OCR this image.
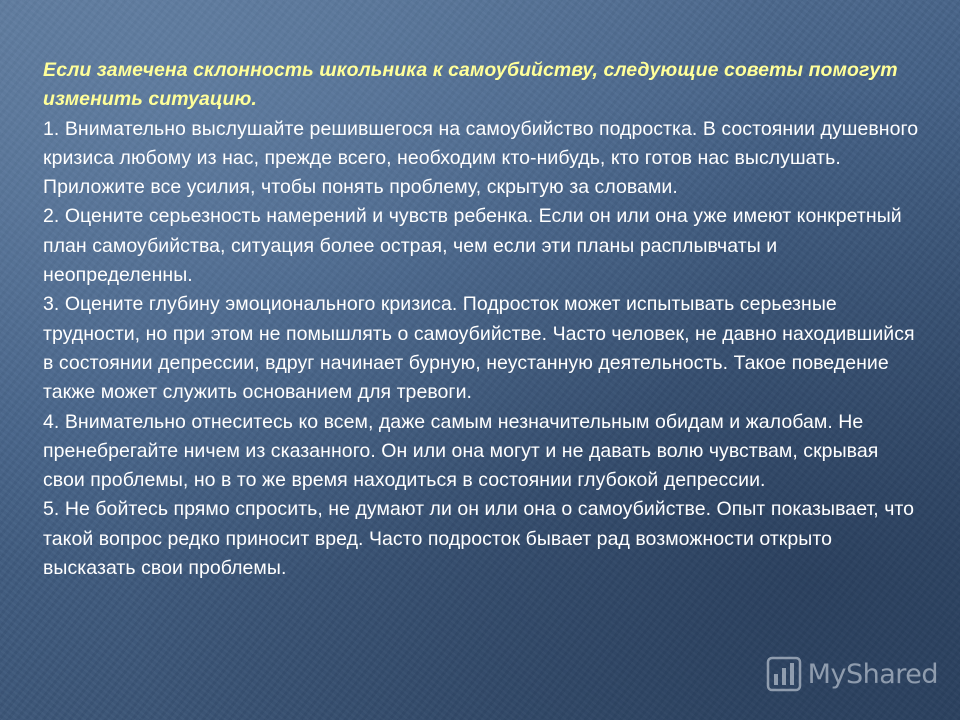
Если замечена склонность школьника к самоубийству, следующие советы помогут изменить ситуацию.

1. Внимательно выслушайте решившегося на самоубийство подростка. В состоянии душевного кризиса любому из нас, прежде всего, необходим кто-нибудь, кто готов нас выслушать. Приложите все усилия, чтобы понять проблему, скрытую за словами.

2. Оцените серьезность намерений и чувств ребенка. Если он или она уже имеют конкретный план самоубийства, ситуация более острая, чем если эти планы расплывчаты и неопределенны.

3. Оцените глубину эмоционального кризиса. Подросток может испытывать серьезные трудности, но при этом не помышлять о самоубийстве. Часто человек, не давно находившийся в состоянии депрессии, вдруг начинает бурную, неустанную деятельность. Такое поведение также может служить основанием для тревоги.

4. Внимательно отнеситесь ко всем, даже самым незначительным обидам и жалобам. Не пренебрегайте ничем из сказанного. Он или она могут и не давать волю чувствам, скрывая свои проблемы, но в то же время находиться в состоянии глубокой депрессии.

5. Не бойтесь прямо спросить, не думают ли он или она о самоубийстве. Опыт показывает, что такой вопрос редко приносит вред. Часто подросток бывает рад возможности открыто высказать свои проблемы.

MyShared
